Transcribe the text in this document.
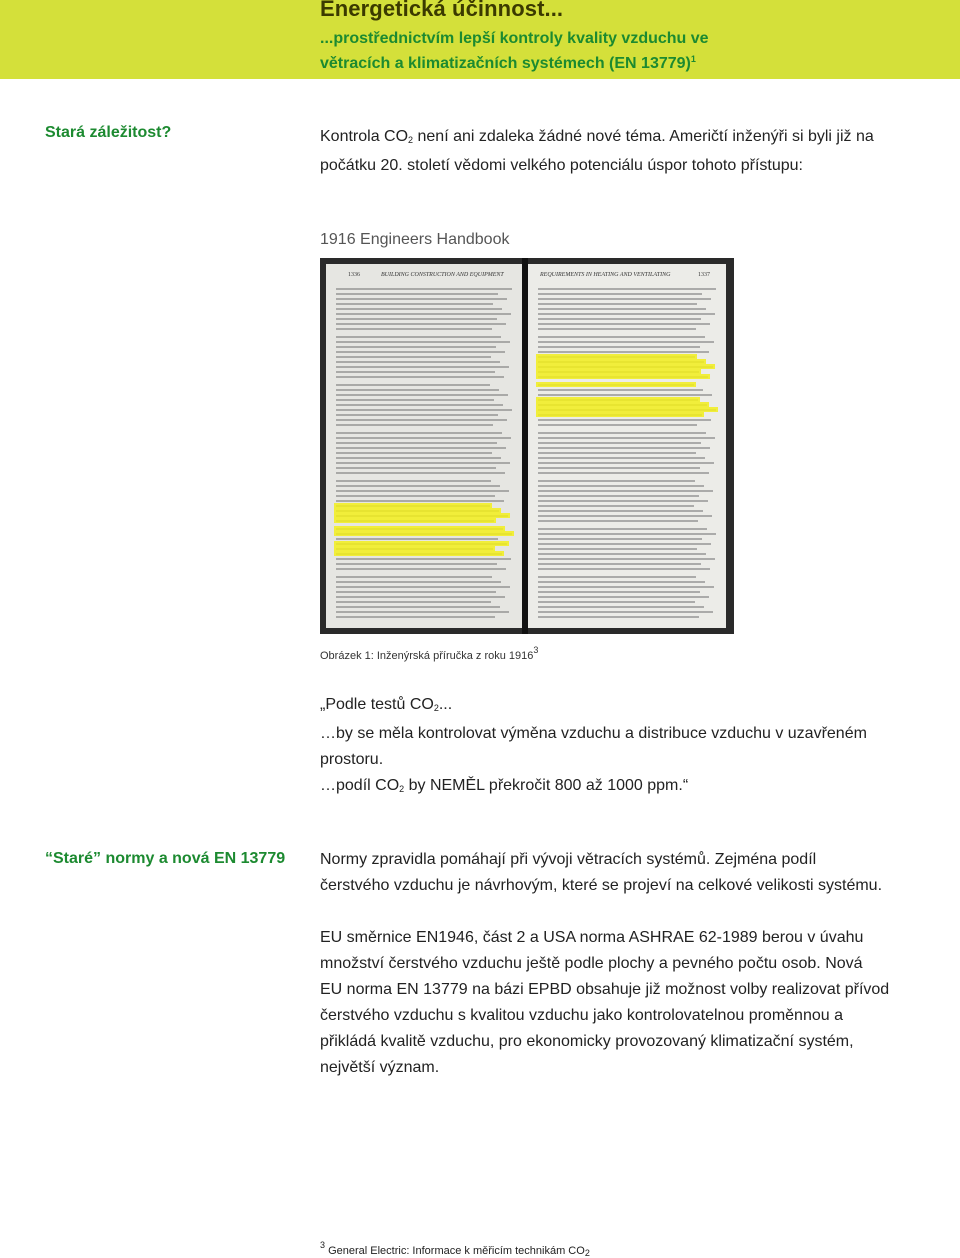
Energetická účinnost...
...prostřednictvím lepší kontroly kvality vzduchu ve
větracích a klimatizačních systémech (EN 13779)$^1$
Stará záležitost?	Kontrola $CO_2$ není ani zdaleka žádné nové téma. Američtí inženýři si byli již na
počátku 20. století vědomi velkého potenciálu úspor tohoto přístupu:
1916 Engineers Handbook
1336	BUILDING CONSTRUCTION AND EQUIPMENT	REQUIREMENTS IN HEATING AND VENTILATING	1337
Obrázek 1: Inženýrská příručka z roku 1916$^3$
„Podle testů $CO_2$...
…by se měla kontrolovat výměna vzduchu a distribuce vzduchu v uzavřeném
prostoru.
…podíl $CO_2$ by NEMĚL překročit 800 až 1000 ppm.“
“Staré” normy a nová EN 13779 Normy zpravidla pomáhají při vývoji větracích systémů. Zejména podíl
čerstvého vzduchu je návrhovým, které se projeví na celkové velikosti systému.
EU směrnice EN1946, část 2 a USA norma ASHRAE 62-1989 berou v úvahu
množství čerstvého vzduchu ještě podle plochy a pevného počtu osob. Nová
EU norma EN 13779 na bázi EPBD obsahuje již možnost volby realizovat přívod
čerstvého vzduchu s kvalitou vzduchu jako kontrolovatelnou proměnnou a
přikládá kvalitě vzduchu, pro ekonomicky provozovaný klimatizační systém,
největší význam.
$^3$ General Electric: Informace k měřicím technikám $CO_2$
